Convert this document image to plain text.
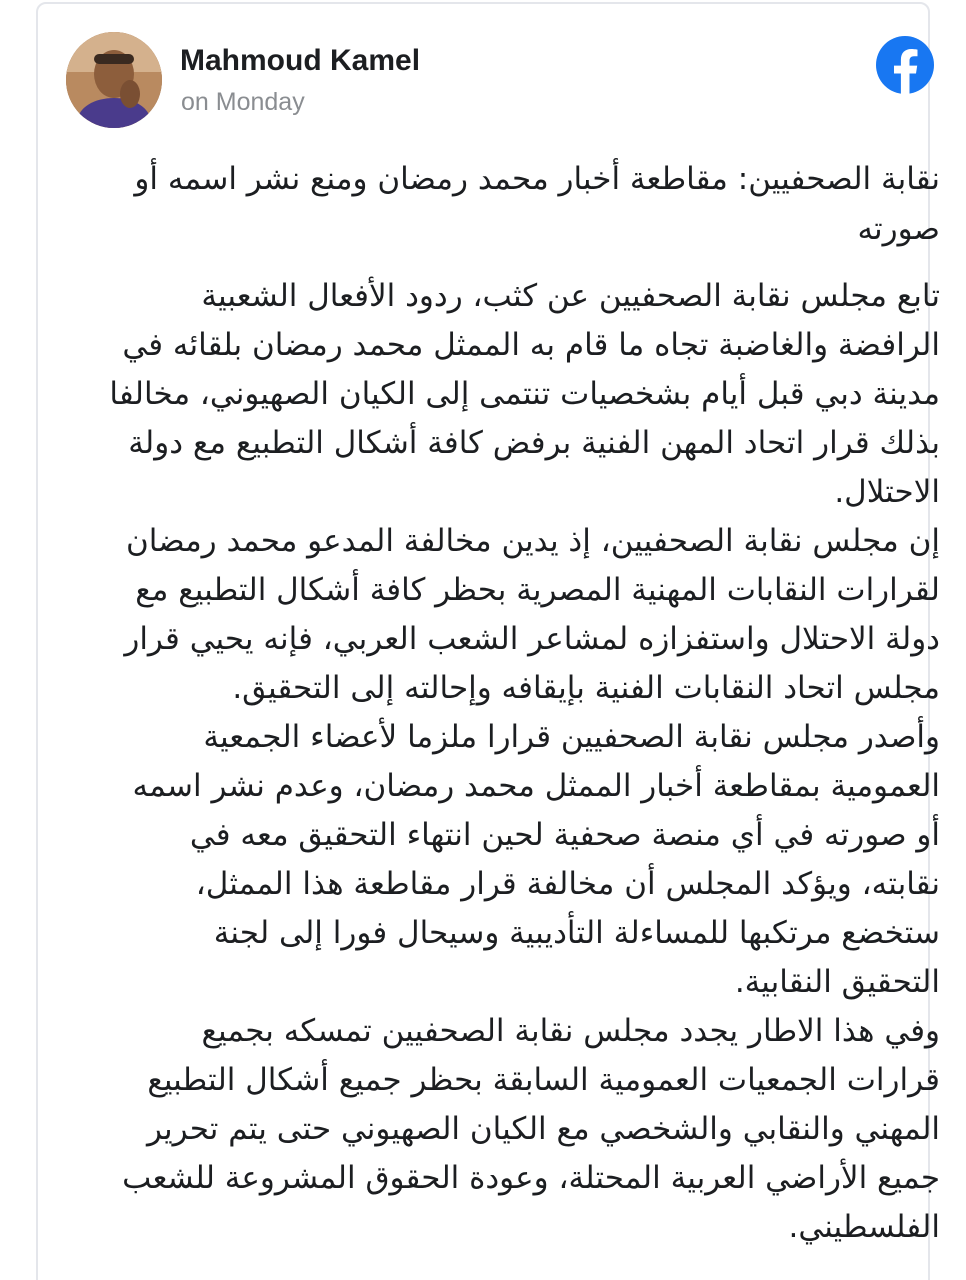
Mahmoud Kamel
on Monday

نقابة الصحفيين: مقاطعة أخبار محمد رمضان ومنع نشر اسمه أو صورته

تابع مجلس نقابة الصحفيين عن كثب، ردود الأفعال الشعبية الرافضة والغاضبة تجاه ما قام به الممثل محمد رمضان بلقائه في مدينة دبي قبل أيام بشخصيات تنتمى إلى الكيان الصهيوني، مخالفا بذلك قرار اتحاد المهن الفنية برفض كافة أشكال التطبيع مع دولة الاحتلال.

إن مجلس نقابة الصحفيين، إذ يدين مخالفة المدعو محمد رمضان لقرارات النقابات المهنية المصرية بحظر كافة أشكال التطبيع مع دولة الاحتلال واستفزازه لمشاعر الشعب العربي، فإنه يحيي قرار مجلس اتحاد النقابات الفنية بإيقافه وإحالته إلى التحقيق.

وأصدر مجلس نقابة الصحفيين قرارا ملزما لأعضاء الجمعية العمومية بمقاطعة أخبار الممثل محمد رمضان، وعدم نشر اسمه أو صورته في أي منصة صحفية لحين انتهاء التحقيق معه في نقابته، ويؤكد المجلس أن مخالفة قرار مقاطعة هذا الممثل، ستخضع مرتكبها للمساءلة التأديبية وسيحال فورا إلى لجنة التحقيق النقابية.

وفي هذا الاطار يجدد مجلس نقابة الصحفيين تمسكه بجميع قرارات الجمعيات العمومية السابقة بحظر جميع أشكال التطبيع المهني والنقابي والشخصي مع الكيان الصهيوني حتى يتم تحرير جميع الأراضي العربية المحتلة، وعودة الحقوق المشروعة للشعب الفلسطيني.
